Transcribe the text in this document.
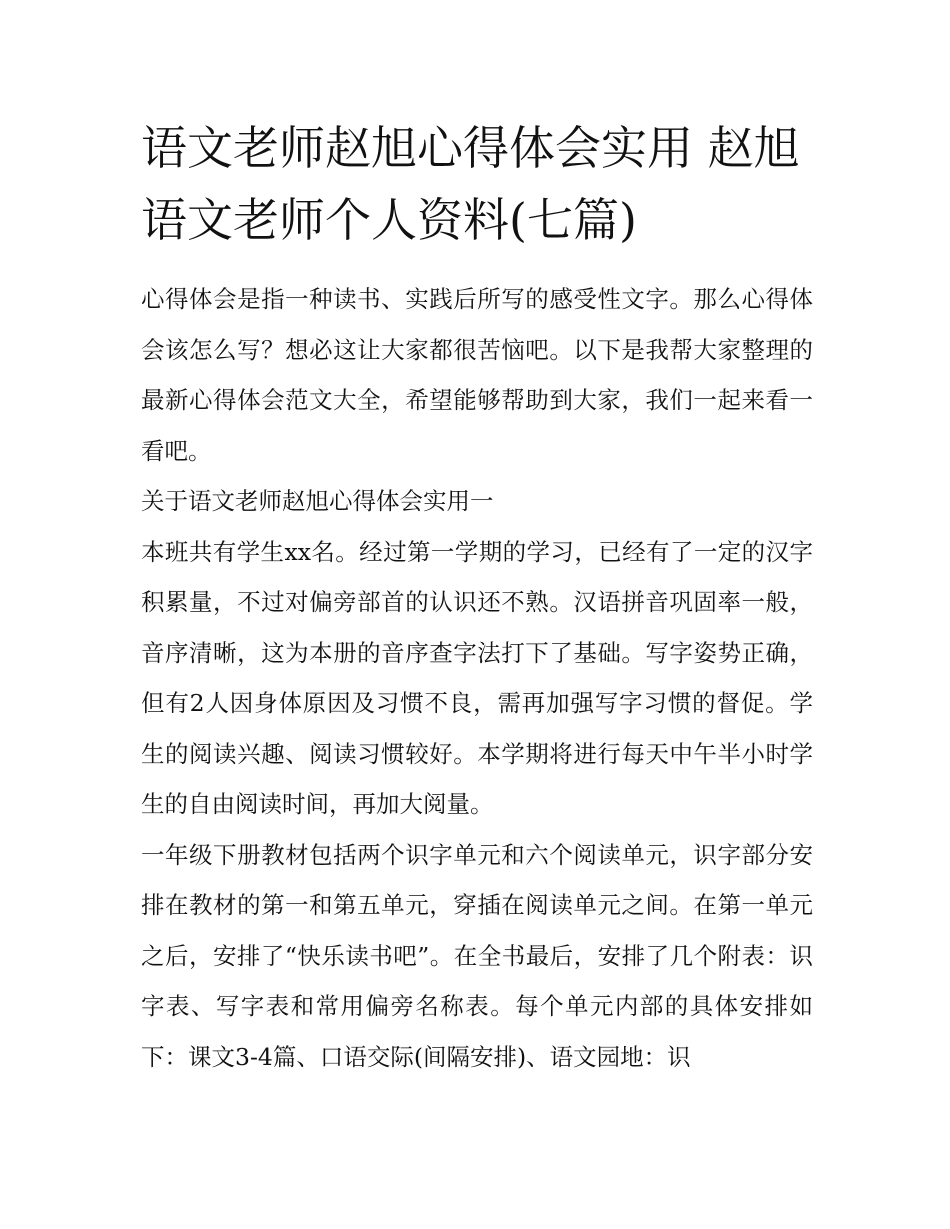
语文老师赵旭心得体会实用 赵旭语文老师个人资料(七篇)

心得体会是指一种读书、实践后所写的感受性文字。那么心得体会该怎么写？想必这让大家都很苦恼吧。以下是我帮大家整理的最新心得体会范文大全，希望能够帮助到大家，我们一起来看一看吧。

关于语文老师赵旭心得体会实用一

本班共有学生xx名。经过第一学期的学习，已经有了一定的汉字积累量，不过对偏旁部首的认识还不熟。汉语拼音巩固率一般，音序清晰，这为本册的音序查字法打下了基础。写字姿势正确，但有2人因身体原因及习惯不良，需再加强写字习惯的督促。学生的阅读兴趣、阅读习惯较好。本学期将进行每天中午半小时学生的自由阅读时间，再加大阅量。

一年级下册教材包括两个识字单元和六个阅读单元，识字部分安排在教材的第一和第五单元，穿插在阅读单元之间。在第一单元之后，安排了“快乐读书吧”。在全书最后，安排了几个附表：识字表、写字表和常用偏旁名称表。每个单元内部的具体安排如下：课文3-4篇、口语交际(间隔安排)、语文园地：识
